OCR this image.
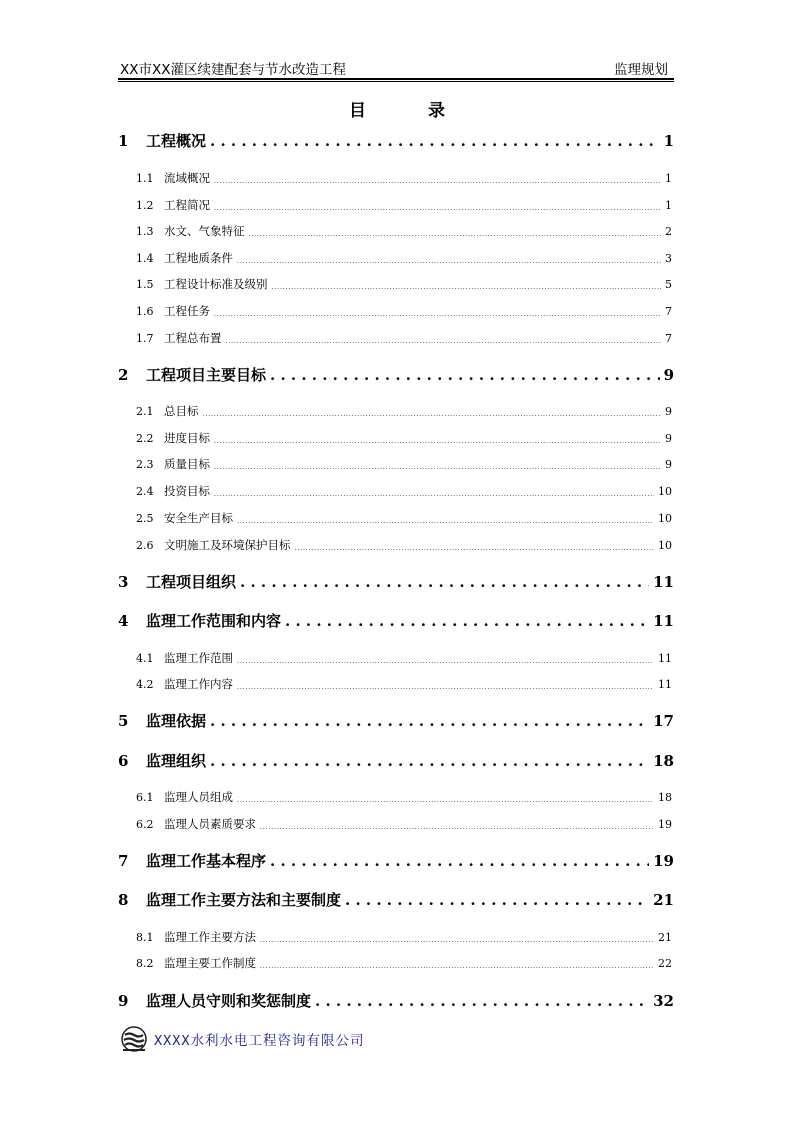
XX市XX灌区续建配套与节水改造工程	监理规划
目 录
1	工程概况 . . .	1
1.1 流域概况 . . .	1
1.2 工程简况 . . .	1
1.3 水文、气象特征 . . .	2
1.4 工程地质条件 . . .	3
1.5 工程设计标准及级别 . . .	5
1.6 工程任务 . . .	7
1.7 工程总布置 . . .	7
2	工程项目主要目标 . . .	9
2.1 总目标 . . .	9
2.2 进度目标 . . .	9
2.3 质量目标 . . .	9
2.4 投资目标 . . .	10
2.5 安全生产目标 . . .	10
2.6 文明施工及环境保护目标 . . .	10
3	工程项目组织 . . .	11
4	监理工作范围和内容 . . .	11
4.1 监理工作范围 . . .	11
4.2 监理工作内容 . . .	11
5	监理依据 . . .	17
6	监理组织 . . .	18
6.1 监理人员组成 . . .	18
6.2 监理人员素质要求 . . .	19
7	监理工作基本程序 . . .	19
8	监理工作主要方法和主要制度 . . .	21
8.1 监理工作主要方法 . . .	21
8.2 监理主要工作制度 . . .	22
9	监理人员守则和奖惩制度 . . .	32
XXXX水利水电工程咨询有限公司
